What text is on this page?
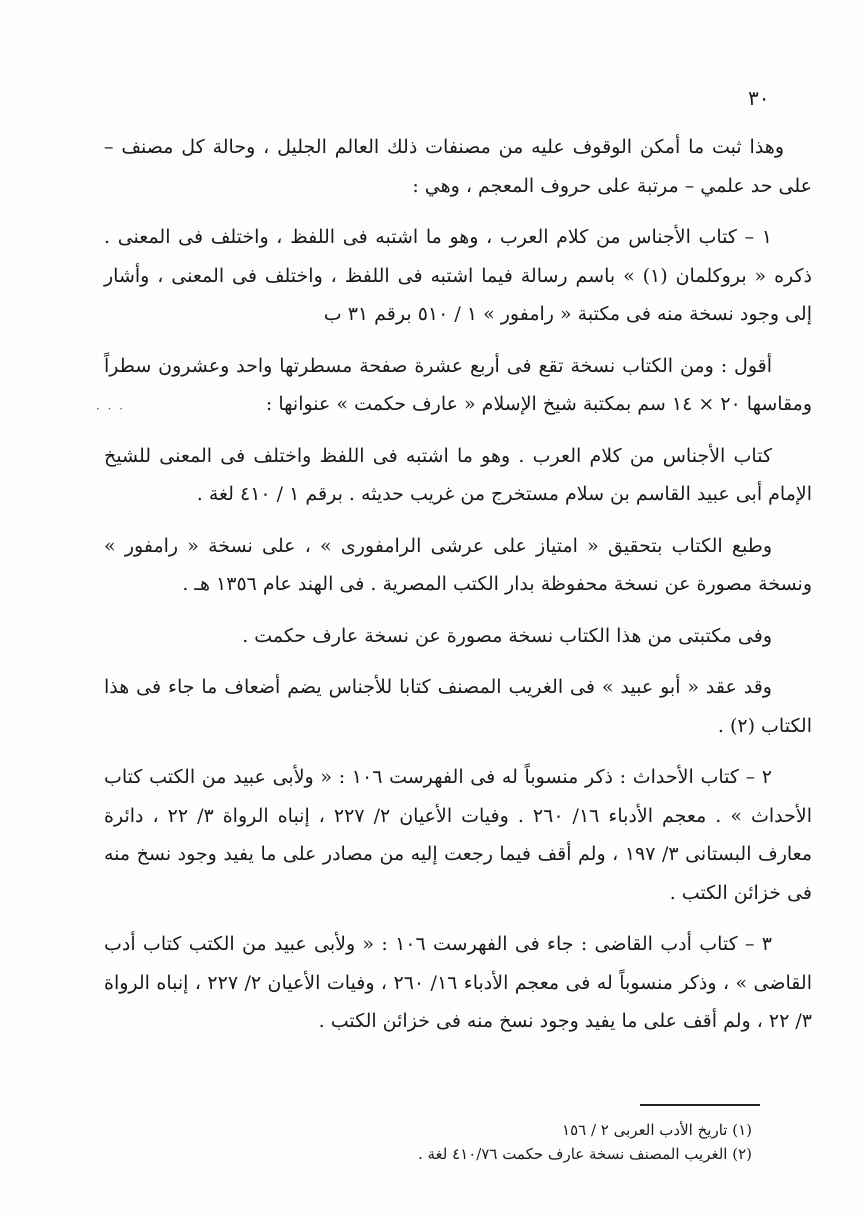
٣٠
· · ·

وهذا ثبت ما أمكن الوقوف عليه من مصنفات ذلك العالم الجليل ، وحالة كل مصنف – على حد علمي – مرتبة على حروف المعجم ، وهي :

١ – كتاب الأجناس من كلام العرب ، وهو ما اشتبه فى اللفظ ، واختلف فى المعنى . ذكره « بروكلمان (١) » باسم رسالة فيما اشتبه فى اللفظ ، واختلف فى المعنى ، وأشار إلى وجود نسخة منه فى مكتبة « رامفور » ١ / ٥١٠ برقم ٣١ ب

أقول : ومن الكتاب نسخة تقع فى أربع عشرة صفحة مسطرتها واحد وعشرون سطراً ومقاسها ٢٠ × ١٤ سم بمكتبة شيخ الإسلام « عارف حكمت » عنوانها :

كتاب الأجناس من كلام العرب . وهو ما اشتبه فى اللفظ واختلف فى المعنى للشيخ الإمام أبى عبيد القاسم بن سلام مستخرج من غريب حديثه . برقم ١ / ٤١٠ لغة .

وطبع الكتاب بتحقيق « امتياز على عرشى الرامفورى » ، على نسخة « رامفور » ونسخة مصورة عن نسخة محفوظة بدار الكتب المصرية . فى الهند عام ١٣٥٦ هـ .

وفى مكتبتى من هذا الكتاب نسخة مصورة عن نسخة عارف حكمت .

وقد عقد « أبو عبيد » فى الغريب المصنف كتابا للأجناس يضم أضعاف ما جاء فى هذا الكتاب (٢) .

٢ – كتاب الأحداث : ذكر منسوباً له فى الفهرست ١٠٦ : « ولأبى عبيد من الكتب كتاب الأحداث » . معجم الأدباء ١٦/ ٢٦٠ . وفيات الأعيان ٢/ ٢٢٧ ، إنباه الرواة ٣/ ٢٢ ، دائرة معارف البستانى ٣/ ١٩٧ ، ولم أقف فيما رجعت إليه من مصادر على ما يفيد وجود نسخ منه فى خزائن الكتب .

٣ – كتاب أدب القاضى : جاء فى الفهرست ١٠٦ : « ولأبى عبيد من الكتب كتاب أدب القاضى » ، وذكر منسوباً له فى معجم الأدباء ١٦/ ٢٦٠ ، وفيات الأعيان ٢/ ٢٢٧ ، إنباه الرواة ٣/ ٢٢ ، ولم أقف على ما يفيد وجود نسخ منه فى خزائن الكتب .

(١) تاريخ الأدب العربى ٢ / ١٥٦

(٢) الغريب المصنف نسخة عارف حكمت ٤١٠/٧٦ لغة .
